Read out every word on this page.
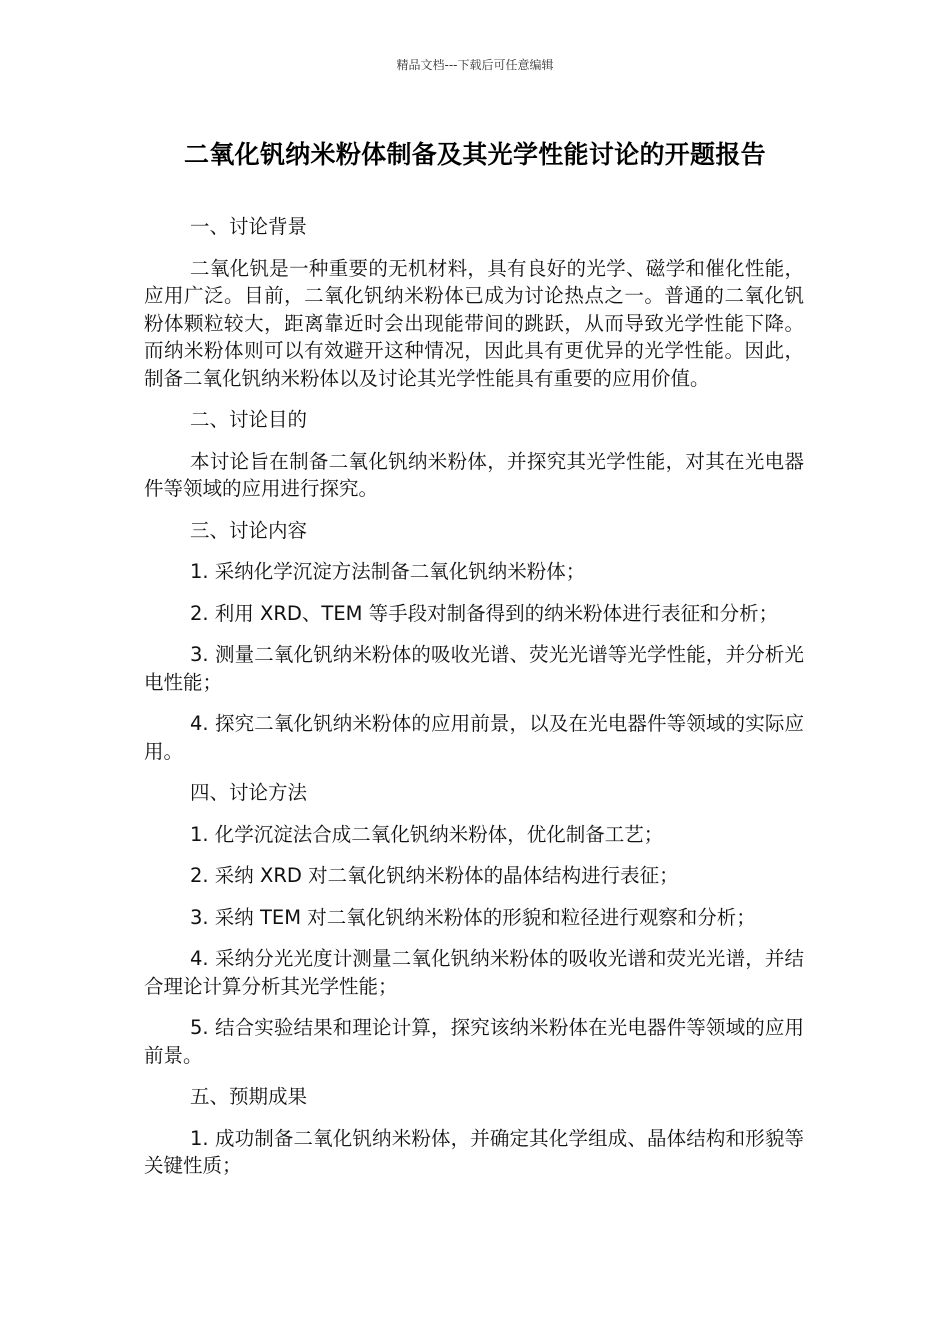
精品文档---下载后可任意编辑
二氧化钒纳米粉体制备及其光学性能讨论的开题报告

一、讨论背景

二氧化钒是一种重要的无机材料，具有良好的光学、磁学和催化性能，应用广泛。目前，二氧化钒纳米粉体已成为讨论热点之一。普通的二氧化钒粉体颗粒较大，距离靠近时会出现能带间的跳跃，从而导致光学性能下降。而纳米粉体则可以有效避开这种情况，因此具有更优异的光学性能。因此，制备二氧化钒纳米粉体以及讨论其光学性能具有重要的应用价值。

二、讨论目的

本讨论旨在制备二氧化钒纳米粉体，并探究其光学性能，对其在光电器件等领域的应用进行探究。

三、讨论内容

1. 采纳化学沉淀方法制备二氧化钒纳米粉体；

2. 利用 XRD、TEM 等手段对制备得到的纳米粉体进行表征和分析；

3. 测量二氧化钒纳米粉体的吸收光谱、荧光光谱等光学性能，并分析光电性能；

4. 探究二氧化钒纳米粉体的应用前景，以及在光电器件等领域的实际应用。

四、讨论方法

1. 化学沉淀法合成二氧化钒纳米粉体，优化制备工艺；

2. 采纳 XRD 对二氧化钒纳米粉体的晶体结构进行表征；

3. 采纳 TEM 对二氧化钒纳米粉体的形貌和粒径进行观察和分析；

4. 采纳分光光度计测量二氧化钒纳米粉体的吸收光谱和荧光光谱，并结合理论计算分析其光学性能；

5. 结合实验结果和理论计算，探究该纳米粉体在光电器件等领域的应用前景。

五、预期成果

1. 成功制备二氧化钒纳米粉体，并确定其化学组成、晶体结构和形貌等关键性质；
